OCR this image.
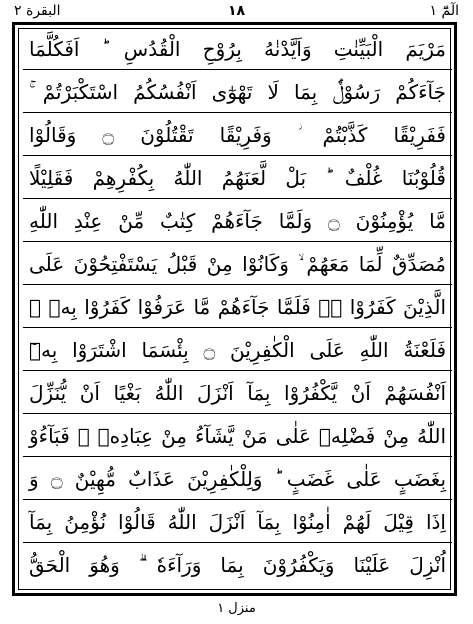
البقرة ۲	١٨	الٓمّٓ ١
مَرْيَمَ الْبَيِّنٰتِ وَاَيَّدْنٰهُ بِرُوْحِ الْقُدُسِ ؕ اَفَكُلَّمَا
جَآءَكُمْ رَسُوْلٌۢ بِمَا لَا تَهْوٰٓى اَنْفُسُكُمُ اسْتَكْبَرْتُمْ ۚ
فَفَرِيْقًا كَذَّبْتُمْ ؗ وَفَرِيْقًا تَقْتُلُوْنَ ۝ وَقَالُوْا
قُلُوْبُنَا غُلْفٌ ؕ بَلْ لَّعَنَهُمُ اللّٰهُ بِكُفْرِهِمْ فَقَلِيْلًا
مَّا يُؤْمِنُوْنَ ۝ وَلَمَّا جَآءَهُمْ كِتٰبٌ مِّنْ عِنْدِ اللّٰهِ
مُصَدِّقٌ لِّمَا مَعَهُمْ ۙ وَكَانُوْا مِنْ قَبْلُ يَسْتَفْتِحُوْنَ عَلَى
الَّذِيْنَ كَفَرُوْا ۚۖ فَلَمَّا جَآءَهُمْ مَّا عَرَفُوْا كَفَرُوْا بِهٖ ؗ
فَلَعْنَةُ اللّٰهِ عَلَى الْكٰفِرِيْنَ ۝ بِئْسَمَا اشْتَرَوْا بِهٖٓ
اَنْفُسَهُمْ اَنْ يَّكْفُرُوْا بِمَآ اَنْزَلَ اللّٰهُ بَغْيًا اَنْ يُّنَزِّلَ
اللّٰهُ مِنْ فَضْلِهٖ عَلٰى مَنْ يَّشَآءُ مِنْ عِبَادِهٖ ۚ فَبَآءُوْ
بِغَضَبٍ عَلٰى غَضَبٍ ؕ وَلِلْكٰفِرِيْنَ عَذَابٌ مُّهِيْنٌ ۝ وَ
اِذَا قِيْلَ لَهُمْ اٰمِنُوْا بِمَآ اَنْزَلَ اللّٰهُ قَالُوْا نُؤْمِنُ بِمَآ
اُنْزِلَ عَلَيْنَا وَيَكْفُرُوْنَ بِمَا وَرَآءَهٗ ۗ وَهُوَ الْحَقُّ
منزل ١
